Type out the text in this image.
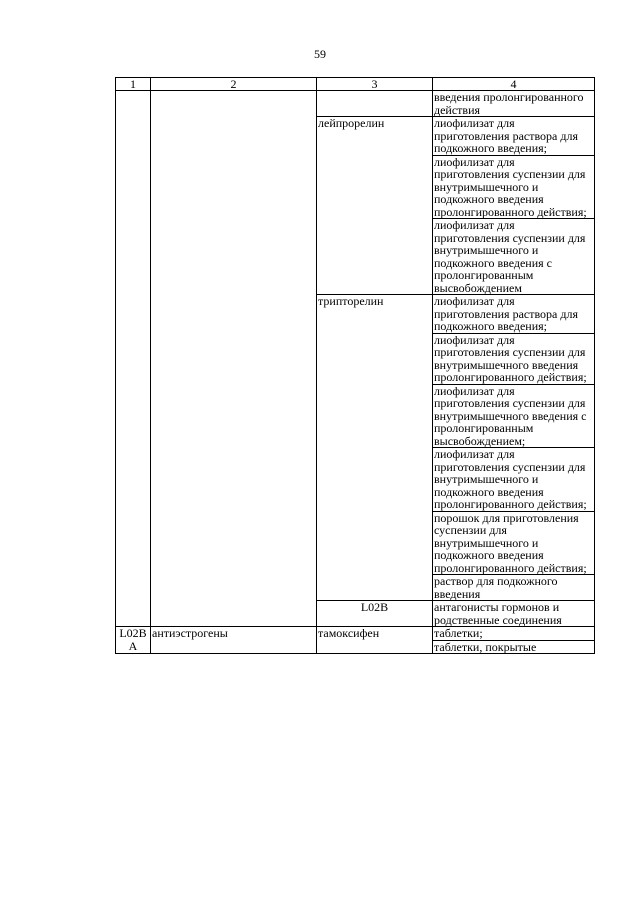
59
1	2	3	4	
			введения пролонгированного действия	
		лейпрорелин	лиофилизат для приготовления раствора для подкожного введения;	
			лиофилизат для приготовления суспензии для внутримышечного и подкожного введения пролонгированного действия;	
			лиофилизат для приготовления суспензии для внутримышечного и подкожного введения с пролонгированным высвобождением	
		трипторелин	лиофилизат для приготовления раствора для подкожного введения;	
			лиофилизат для приготовления суспензии для внутримышечного введения пролонгированного действия;	
			лиофилизат для приготовления суспензии для внутримышечного введения с пролонгированным высвобождением;	
			лиофилизат для приготовления суспензии для внутримышечного и подкожного введения пролонгированного действия;	
			порошок для приготовления суспензии для внутримышечного и подкожного введения пролонгированного действия;	
			раствор для подкожного введения	
		L02B	антагонисты гормонов и родственные соединения		
L02B А	антиэстрогены	тамоксифен	таблетки;	
			таблетки, покрытые	
